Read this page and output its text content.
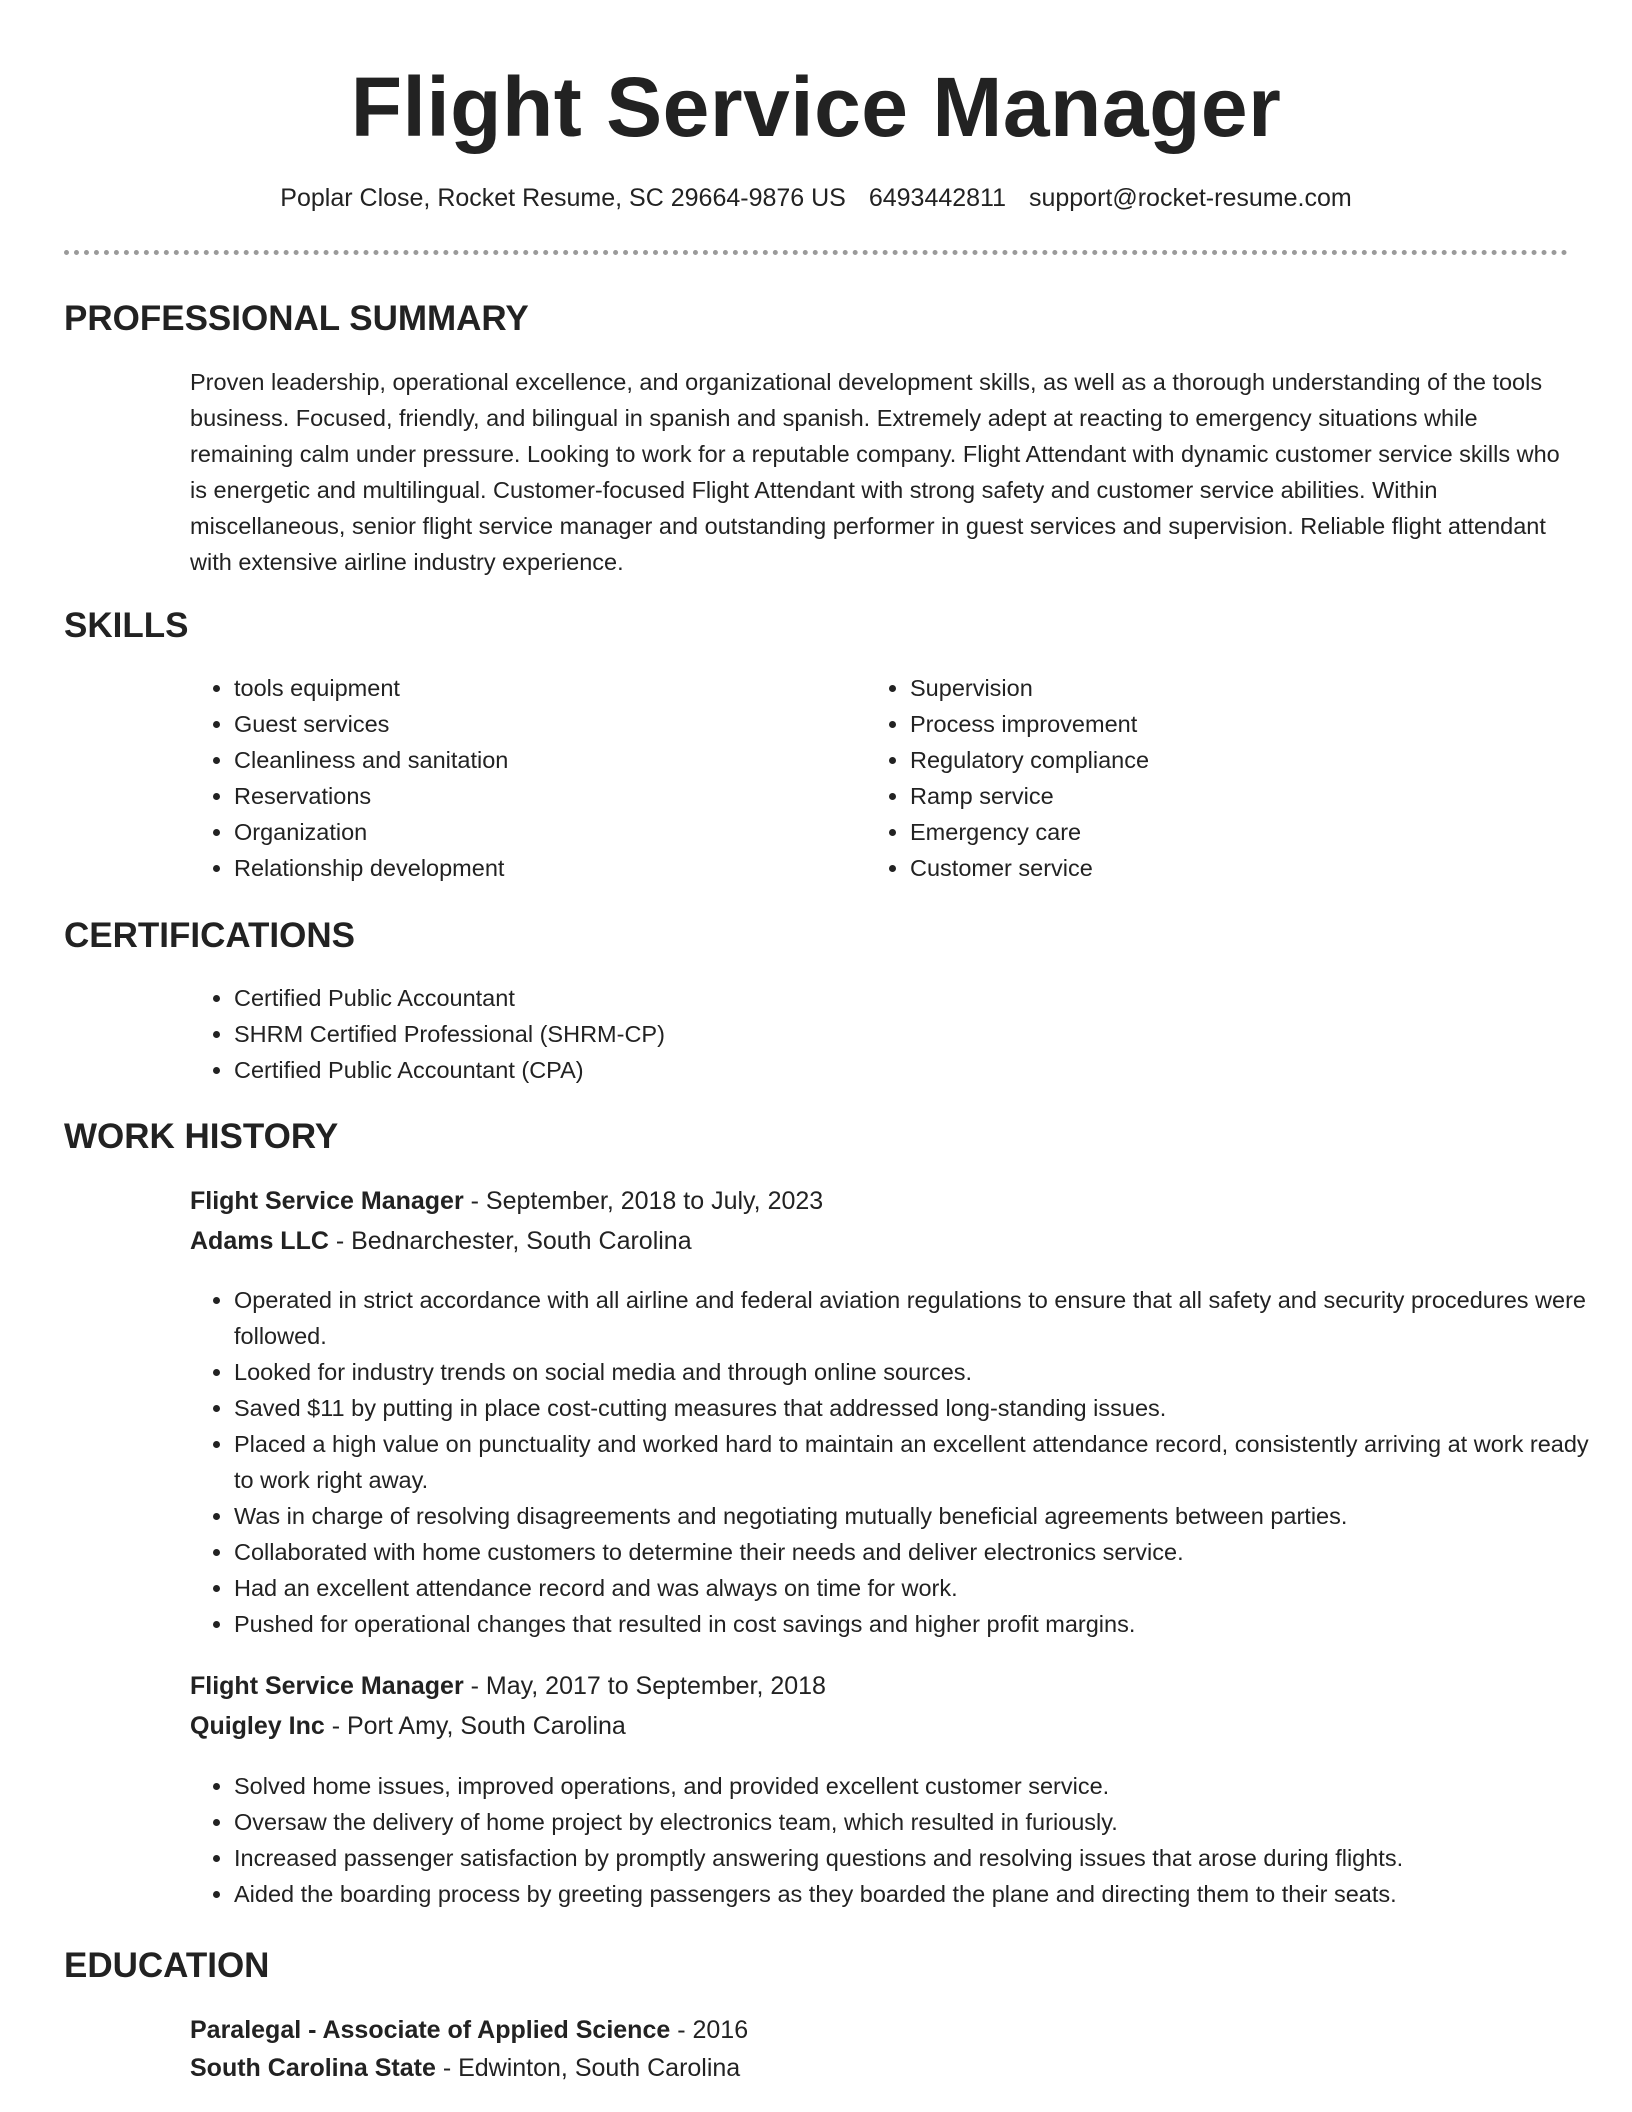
Flight Service Manager
Poplar Close, Rocket Resume, SC 29664-9876 US 6493442811 support@rocket-resume.com
PROFESSIONAL SUMMARY

Proven leadership, operational excellence, and organizational development skills, as well as a thorough understanding of the tools business. Focused, friendly, and bilingual in spanish and spanish. Extremely adept at reacting to emergency situations while remaining calm under pressure. Looking to work for a reputable company. Flight Attendant with dynamic customer service skills who is energetic and multilingual. Customer-focused Flight Attendant with strong safety and customer service abilities. Within miscellaneous, senior flight service manager and outstanding performer in guest services and supervision. Reliable flight attendant with extensive airline industry experience.

SKILLS
• tools equipment
• Guest services
• Cleanliness and sanitation
• Reservations
• Organization
• Relationship development
• Supervision
• Process improvement
• Regulatory compliance
• Ramp service
• Emergency care
• Customer service
CERTIFICATIONS
• Certified Public Accountant
• SHRM Certified Professional (SHRM-CP)
• Certified Public Accountant (CPA)
WORK HISTORY

Flight Service Manager - September, 2018 to July, 2023

Adams LLC - Bednarchester, South Carolina

• Operated in strict accordance with all airline and federal aviation regulations to ensure that all safety and security procedures were followed.
• Looked for industry trends on social media and through online sources.
• Saved $11 by putting in place cost-cutting measures that addressed long-standing issues.
• Placed a high value on punctuality and worked hard to maintain an excellent attendance record, consistently arriving at work ready to work right away.
• Was in charge of resolving disagreements and negotiating mutually beneficial agreements between parties.
• Collaborated with home customers to determine their needs and deliver electronics service.
• Had an excellent attendance record and was always on time for work.
• Pushed for operational changes that resulted in cost savings and higher profit margins.

Flight Service Manager - May, 2017 to September, 2018

Quigley Inc - Port Amy, South Carolina

• Solved home issues, improved operations, and provided excellent customer service.
• Oversaw the delivery of home project by electronics team, which resulted in furiously.
• Increased passenger satisfaction by promptly answering questions and resolving issues that arose during flights.
• Aided the boarding process by greeting passengers as they boarded the plane and directing them to their seats.
EDUCATION

Paralegal - Associate of Applied Science - 2016

South Carolina State - Edwinton, South Carolina
